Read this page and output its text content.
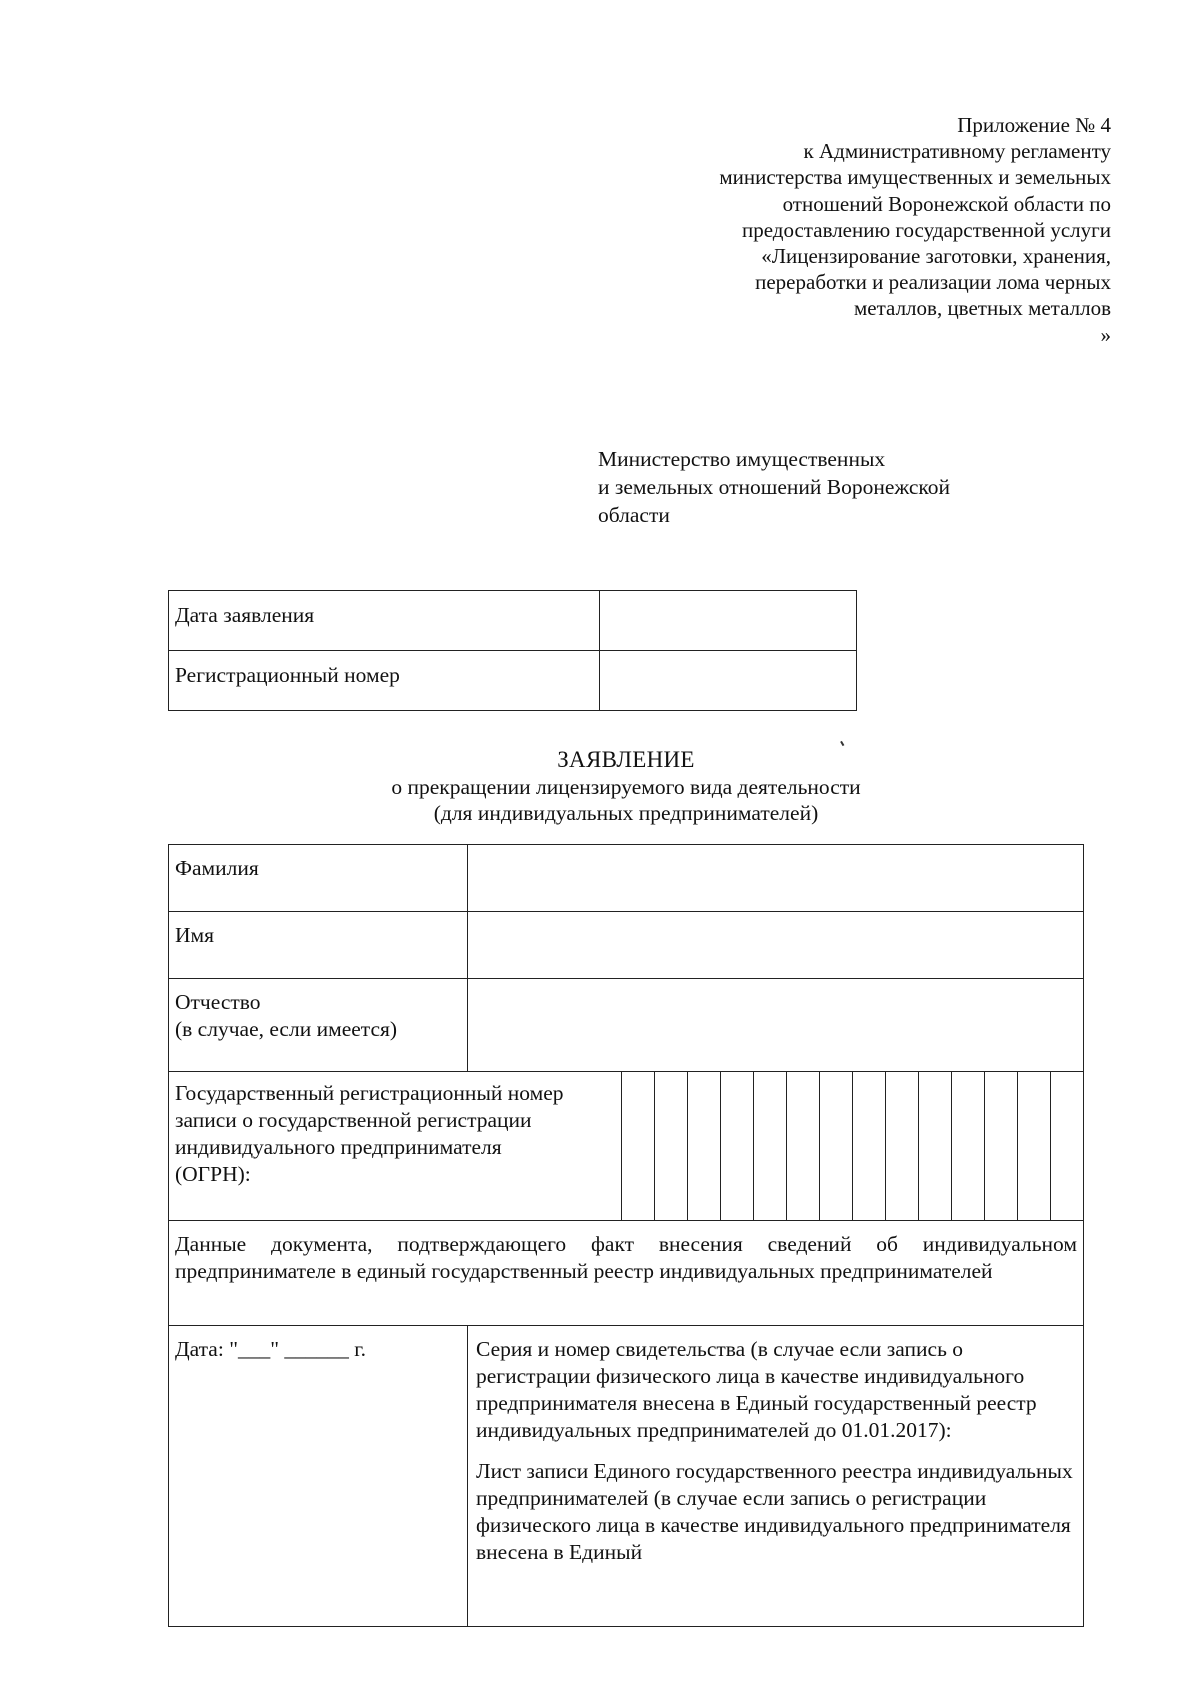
Приложение № 4
к Административному регламенту
министерства имущественных и земельных
отношений Воронежской области по
предоставлению государственной услуги
«Лицензирование заготовки, хранения,
переработки и реализации лома черных
металлов, цветных металлов
»
Министерство имущественных
и земельных отношений Воронежской
области
Дата заявления	
Регистрационный номер	
ЗАЯВЛЕНИЕ
о прекращении лицензируемого вида деятельности
(для индивидуальных предпринимателей)
Фамилия															
Имя															

Отчество
(в случае, если имеется)															

Государственный регистрационный номер
записи о государственной регистрации
индивидуального предпринимателя
(ОГРН):															

Данные документа, подтверждающего факт внесения сведений об индивидуальном предпринимателе в единый государственный реестр индивидуальных предпринимателей															
Дата: "___" ______ г.	Серия и номер свидетельства (в случае если запись о регистрации физического лица в качестве индивидуального предпринимателя внесена в Единый государственный реестр индивидуальных предпринимателей до 01.01.2017):

Лист записи Единого государственного реестра индивидуальных предпринимателей (в случае если запись о регистрации физического лица в качестве индивидуального предпринимателя внесена в Единый														
